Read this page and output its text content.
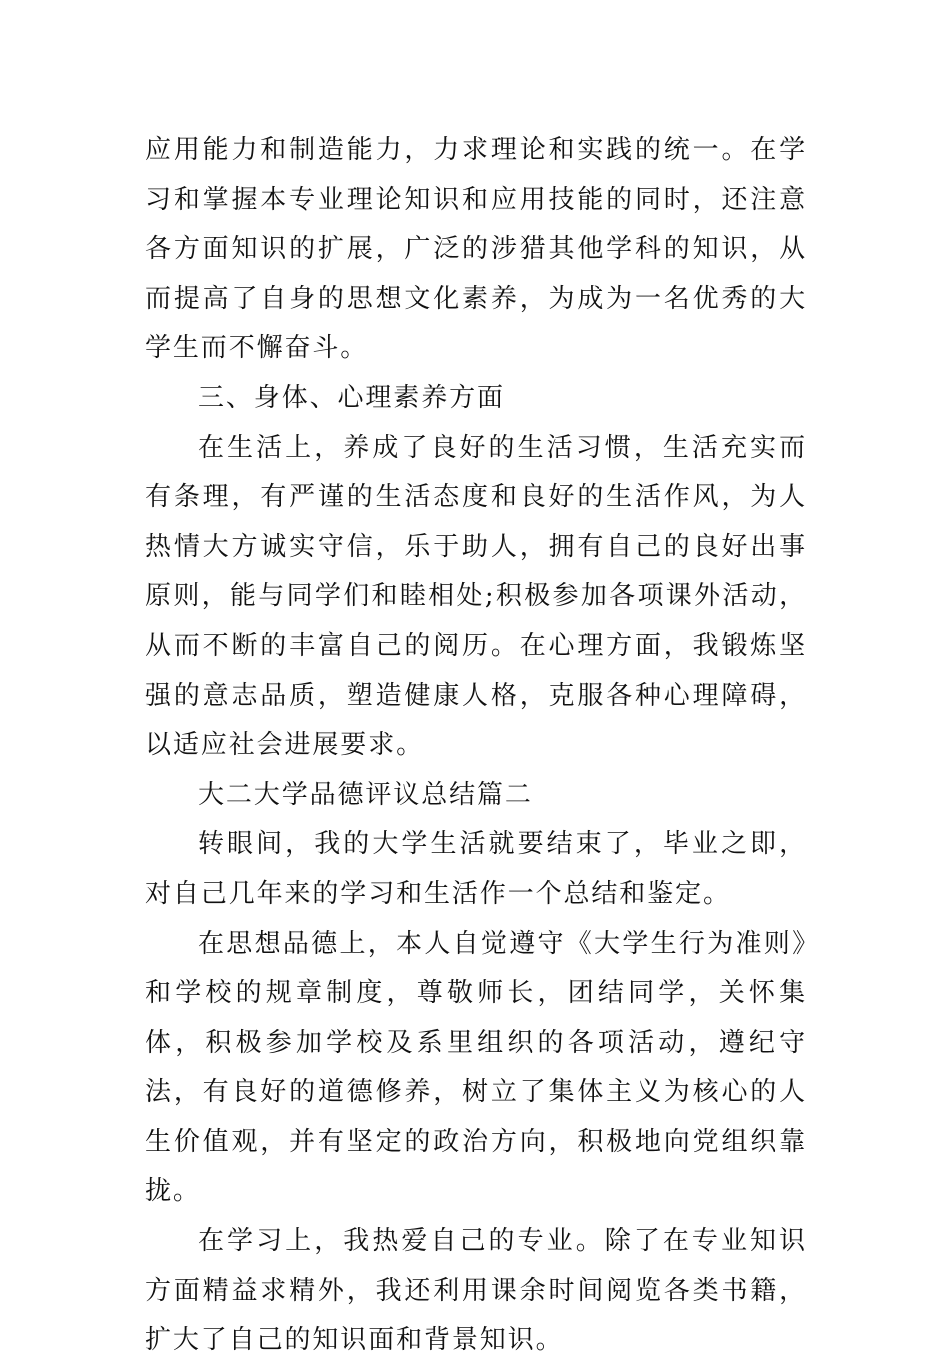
应用能力和制造能力，力求理论和实践的统一。在学习和掌握本专业理论知识和应用技能的同时，还注意各方面知识的扩展，广泛的涉猎其他学科的知识，从而提高了自身的思想文化素养，为成为一名优秀的大学生而不懈奋斗。

三、身体、心理素养方面

在生活上，养成了良好的生活习惯，生活充实而有条理，有严谨的生活态度和良好的生活作风，为人热情大方诚实守信，乐于助人，拥有自己的良好出事原则，能与同学们和睦相处;积极参加各项课外活动，从而不断的丰富自己的阅历。在心理方面，我锻炼坚强的意志品质，塑造健康人格，克服各种心理障碍，以适应社会进展要求。

大二大学品德评议总结篇二

转眼间，我的大学生活就要结束了，毕业之即，对自己几年来的学习和生活作一个总结和鉴定。

在思想品德上，本人自觉遵守《大学生行为准则》和学校的规章制度，尊敬师长，团结同学，关怀集体，积极参加学校及系里组织的各项活动，遵纪守法，有良好的道德修养，树立了集体主义为核心的人生价值观，并有坚定的政治方向，积极地向党组织靠拢。

在学习上，我热爱自己的专业。除了在专业知识方面精益求精外，我还利用课余时间阅览各类书籍，扩大了自己的知识面和背景知识。
